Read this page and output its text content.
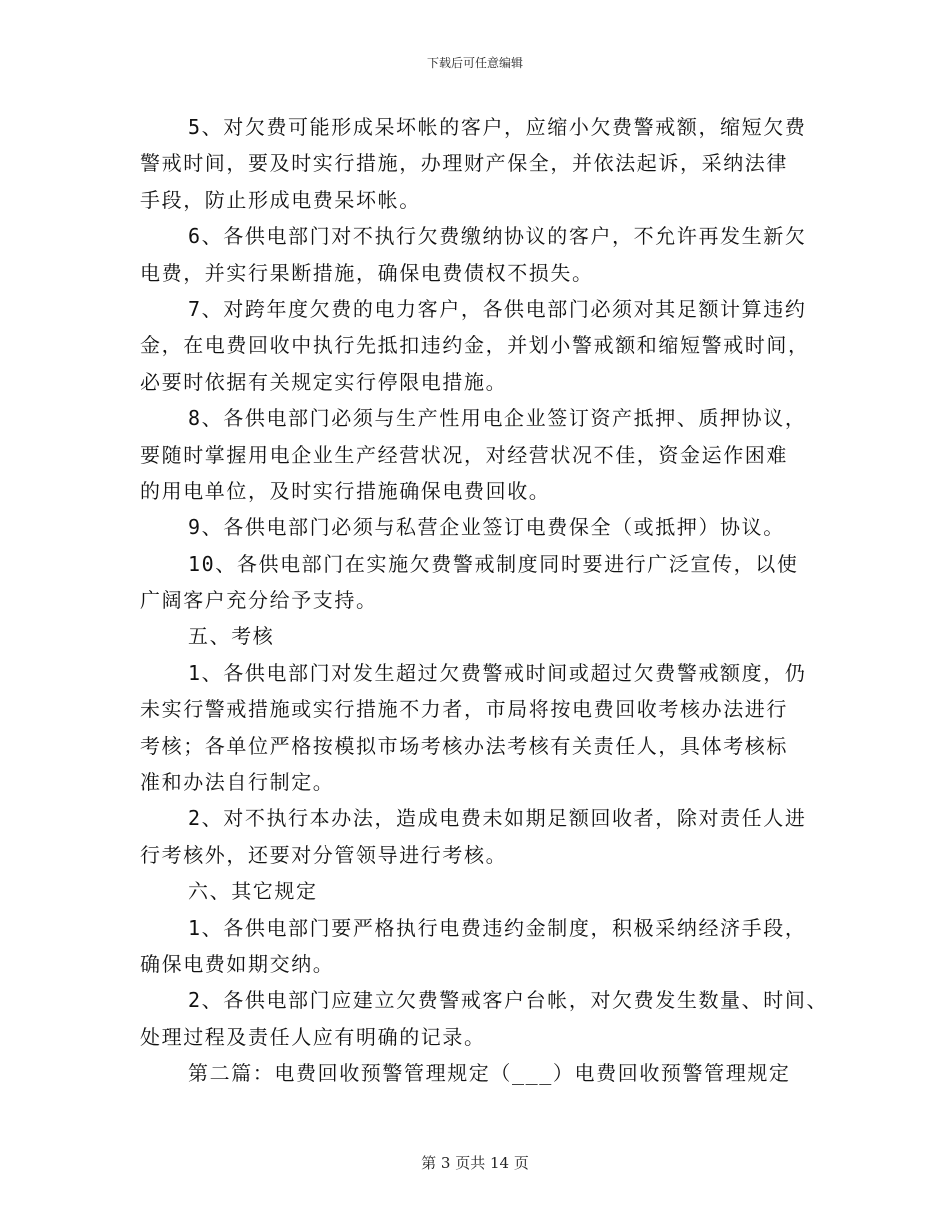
下载后可任意编辑
5、对欠费可能形成呆坏帐的客户，应缩小欠费警戒额，缩短欠费
警戒时间，要及时实行措施，办理财产保全，并依法起诉，采纳法律
手段，防止形成电费呆坏帐。
6、各供电部门对不执行欠费缴纳协议的客户，不允许再发生新欠
电费，并实行果断措施，确保电费债权不损失。
7、对跨年度欠费的电力客户，各供电部门必须对其足额计算违约
金，在电费回收中执行先抵扣违约金，并划小警戒额和缩短警戒时间，
必要时依据有关规定实行停限电措施。
8、各供电部门必须与生产性用电企业签订资产抵押、质押协议，
要随时掌握用电企业生产经营状况，对经营状况不佳，资金运作困难
的用电单位，及时实行措施确保电费回收。
9、各供电部门必须与私营企业签订电费保全（或抵押）协议。
10、各供电部门在实施欠费警戒制度同时要进行广泛宣传，以使
广阔客户充分给予支持。
五、考核
1、各供电部门对发生超过欠费警戒时间或超过欠费警戒额度，仍
未实行警戒措施或实行措施不力者，市局将按电费回收考核办法进行
考核；各单位严格按模拟市场考核办法考核有关责任人，具体考核标
准和办法自行制定。
2、对不执行本办法，造成电费未如期足额回收者，除对责任人进
行考核外，还要对分管领导进行考核。
六、其它规定
1、各供电部门要严格执行电费违约金制度，积极采纳经济手段，
确保电费如期交纳。
2、各供电部门应建立欠费警戒客户台帐，对欠费发生数量、时间、
处理过程及责任人应有明确的记录。
第二篇：电费回收预警管理规定（___）电费回收预警管理规定
第 3 页共 14 页
